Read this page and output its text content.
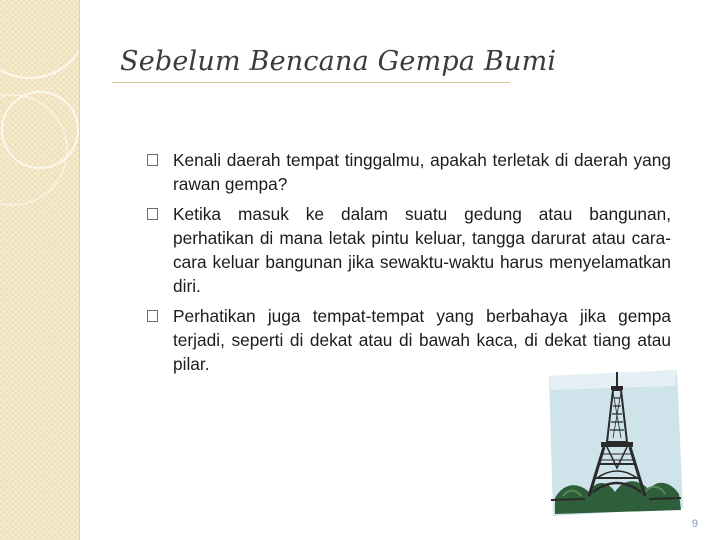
Sebelum Bencana Gempa Bumi
Kenali daerah tempat tinggalmu, apakah terletak di daerah yang rawan gempa?
Ketika masuk ke dalam suatu gedung atau bangunan, perhatikan di mana letak pintu keluar, tangga darurat atau cara-cara keluar bangunan jika sewaktu-waktu harus menyelamatkan diri.
Perhatikan juga tempat-tempat yang berbahaya jika gempa terjadi, seperti di dekat atau di bawah kaca, di dekat tiang atau pilar.
9
